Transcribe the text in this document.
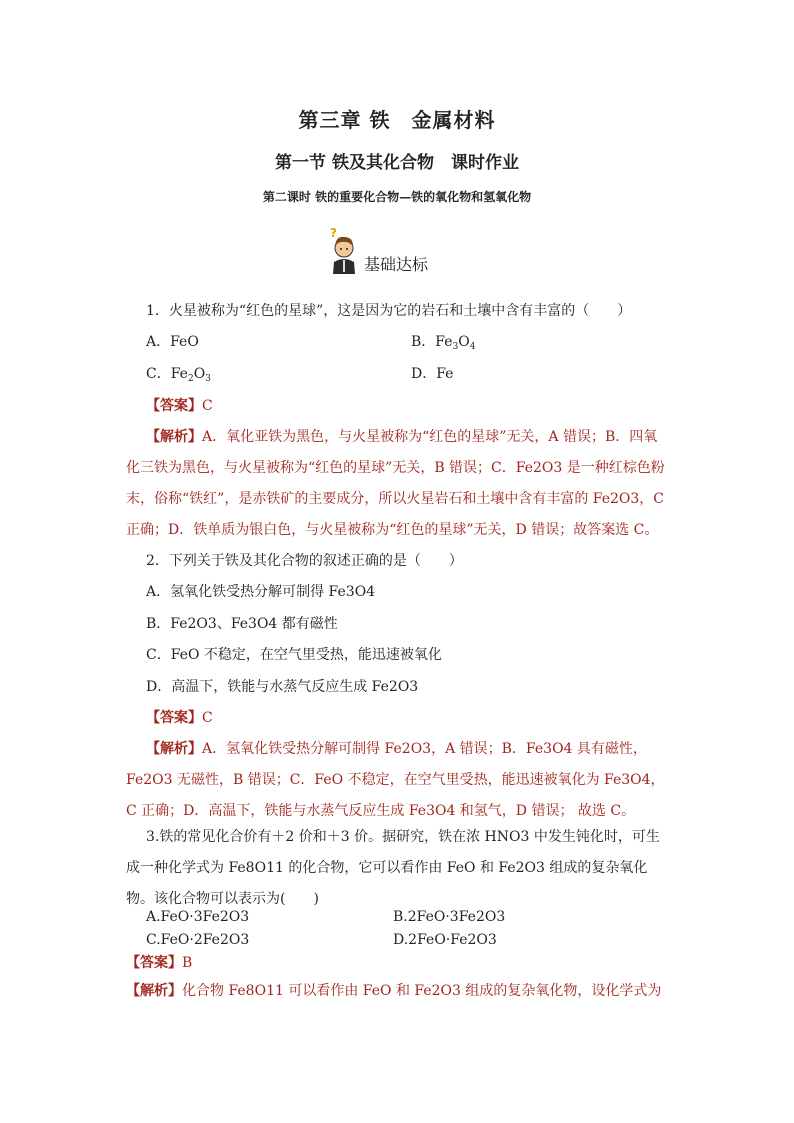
第三章 铁　金属材料
第一节 铁及其化合物　课时作业
第二课时 铁的重要化合物—铁的氧化物和氢氧化物
?
基础达标
1．火星被称为“红色的星球”，这是因为它的岩石和土壤中含有丰富的（　　）
A．FeO	B．$Fe_3O_4$
C．$Fe_2O_3$	D．Fe
【答案】C
【解析】A．氧化亚铁为黑色，与火星被称为“红色的星球”无关，A 错误；B．四氧化三铁为黑色，与火星被称为“红色的星球”无关，B 错误；C．Fe2O3 是一种红棕色粉末，俗称“铁红”，是赤铁矿的主要成分，所以火星岩石和土壤中含有丰富的 Fe2O3，C 正确；D．铁单质为银白色，与火星被称为“红色的星球”无关，D 错误；故答案选 C。
2．下列关于铁及其化合物的叙述正确的是（　　）
A．氢氧化铁受热分解可制得 Fe3O4
B．Fe2O3、Fe3O4 都有磁性
C．FeO 不稳定，在空气里受热，能迅速被氧化
D．高温下，铁能与水蒸气反应生成 Fe2O3
【答案】C
【解析】A．氢氧化铁受热分解可制得 Fe2O3，A 错误；B．Fe3O4 具有磁性，Fe2O3 无磁性，B 错误；C．FeO 不稳定，在空气里受热，能迅速被氧化为 Fe3O4，C 正确；D．高温下，铁能与水蒸气反应生成 Fe3O4 和氢气，D 错误； 故选 C。
3.铁的常见化合价有＋2 价和＋3 价。据研究，铁在浓 HNO3 中发生钝化时，可生成一种化学式为 Fe8O11 的化合物，它可以看作由 FeO 和 Fe2O3 组成的复杂氧化物。该化合物可以表示为(　　)
A.FeO·3Fe2O3	B.2FeO·3Fe2O3
C.FeO·2Fe2O3	D.2FeO·Fe2O3
【答案】B
【解析】化合物 Fe8O11 可以看作由 FeO 和 Fe2O3 组成的复杂氧化物，设化学式为
